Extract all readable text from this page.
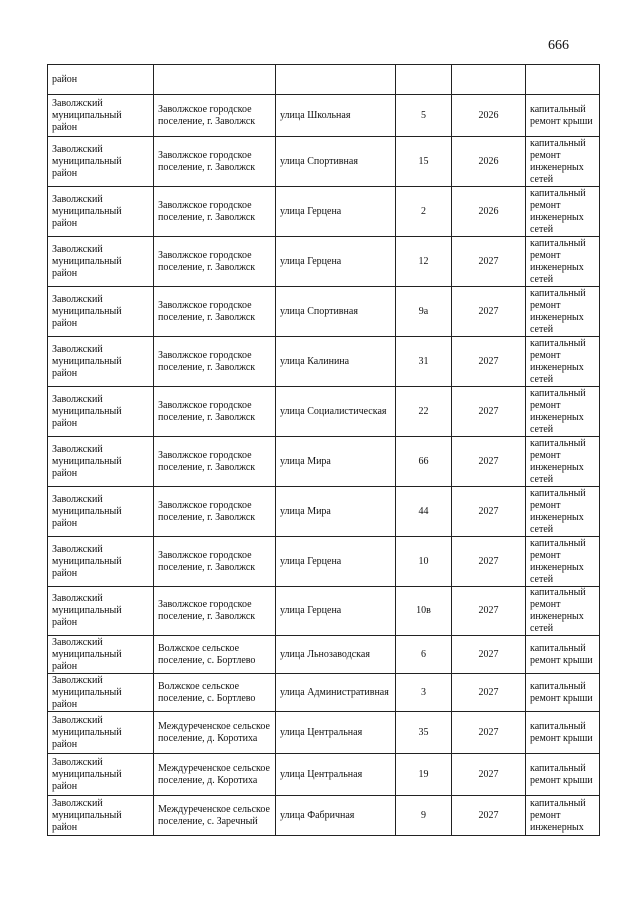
666
район					
Заволжский муниципальный район	Заволжское городское поселение, г. Заволжск	улица Школьная	5	2026	капитальный ремонт крыши
Заволжский муниципальный район	Заволжское городское поселение, г. Заволжск	улица Спортивная	15	2026	капитальный ремонт инженерных сетей
Заволжский муниципальный район	Заволжское городское поселение, г. Заволжск	улица Герцена	2	2026	капитальный ремонт инженерных сетей
Заволжский муниципальный район	Заволжское городское поселение, г. Заволжск	улица Герцена	12	2027	капитальный ремонт инженерных сетей
Заволжский муниципальный район	Заволжское городское поселение, г. Заволжск	улица Спортивная	9а	2027	капитальный ремонт инженерных сетей
Заволжский муниципальный район	Заволжское городское поселение, г. Заволжск	улица Калинина	31	2027	капитальный ремонт инженерных сетей
Заволжский муниципальный район	Заволжское городское поселение, г. Заволжск	улица Социалистическая	22	2027	капитальный ремонт инженерных сетей
Заволжский муниципальный район	Заволжское городское поселение, г. Заволжск	улица Мира	66	2027	капитальный ремонт инженерных сетей
Заволжский муниципальный район	Заволжское городское поселение, г. Заволжск	улица Мира	44	2027	капитальный ремонт инженерных сетей
Заволжский муниципальный район	Заволжское городское поселение, г. Заволжск	улица Герцена	10	2027	капитальный ремонт инженерных сетей
Заволжский муниципальный район	Заволжское городское поселение, г. Заволжск	улица Герцена	10в	2027	капитальный ремонт инженерных сетей
Заволжский муниципальный район	Волжское сельское поселение, с. Бортлево	улица Льнозаводская	6	2027	капитальный ремонт крыши
Заволжский муниципальный район	Волжское сельское поселение, с. Бортлево	улица Административная	3	2027	капитальный ремонт крыши
Заволжский муниципальный район	Междуреченское сельское поселение, д. Коротиха	улица Центральная	35	2027	капитальный ремонт крыши
Заволжский муниципальный район	Междуреченское сельское поселение, д. Коротиха	улица Центральная	19	2027	капитальный ремонт крыши
Заволжский муниципальный район	Междуреченское сельское поселение, с. Заречный	улица Фабричная	9	2027	капитальный ремонт инженерных
